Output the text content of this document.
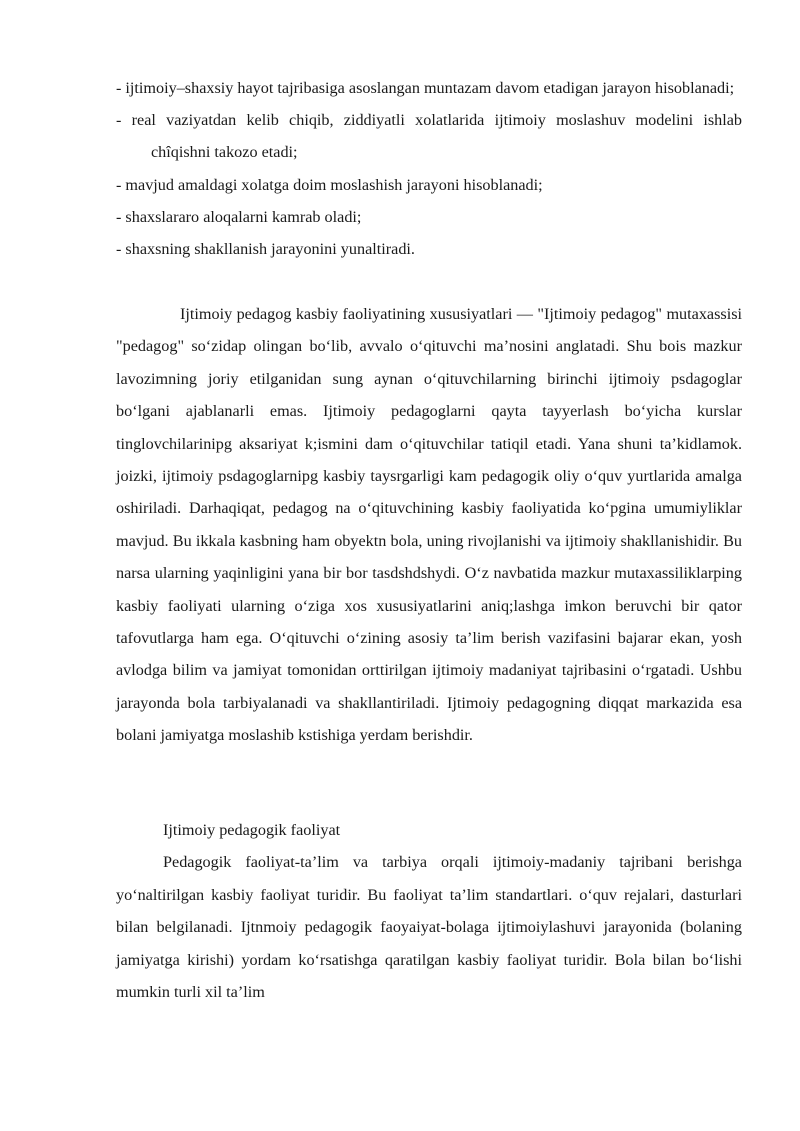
- ijtimoiy–shaxsiy hayot tajribasiga asoslangan muntazam davom etadigan jarayon hisoblanadi;
- real vaziyatdan kelib chiqib, ziddiyatli xolatlarida ijtimoiy moslashuv modelini ishlab chîqishni takozo etadi;
- mavjud amaldagi xolatga doim moslashish jarayoni hisoblanadi;
- shaxslararo aloqalarni kamrab oladi;
- shaxsning shakllanish jarayonini yunaltiradi.
Ijtimoiy pedagog kasbiy faoliyatining xususiyatlari — "Ijtimoiy pedagog" mutaxassisi "pedagog" so‘zidap olingan bo‘lib, avvalo o‘qituvchi ma’nosini anglatadi. Shu bois mazkur lavozimning joriy etilganidan sung aynan o‘qituvchilarning birinchi ijtimoiy psdagoglar bo‘lgani ajablanarli emas. Ijtimoiy pedagoglarni qayta tayyerlash bo‘yicha kurslar tinglovchilarinipg aksariyat k;ismini dam o‘qituvchilar tatiqil etadi. Yana shuni ta’kidlamok. joizki, ijtimoiy psdagoglarnipg kasbiy taysrgarligi kam pedagogik oliy o‘quv yurtlarida amalga oshiriladi. Darhaqiqat, pedagog na o‘qituvchining kasbiy faoliyatida ko‘pgina umumiyliklar mavjud. Bu ikkala kasbning ham obyektn bola, uning rivojlanishi va ijtimoiy shakllanishidir. Bu narsa ularning yaqinligini yana bir bor tasdshdshydi. O‘z navbatida mazkur mutaxassiliklarping kasbiy faoliyati ularning o‘ziga xos xususiyatlarini aniq;lashga imkon beruvchi bir qator tafovutlarga ham ega. O‘qituvchi o‘zining asosiy ta’lim berish vazifasini bajarar ekan, yosh avlodga bilim va jamiyat tomonidan orttirilgan ijtimoiy madaniyat tajribasini o‘rgatadi. Ushbu jarayonda bola tarbiyalanadi va shakllantiriladi. Ijtimoiy pedagogning diqqat markazida esa bolani jamiyatga moslashib kstishiga yerdam berishdir.
Ijtimoiy pedagogik faoliyat
Pedagogik faoliyat-ta’lim va tarbiya orqali ijtimoiy-madaniy tajribani berishga yo‘naltirilgan kasbiy faoliyat turidir. Bu faoliyat ta’lim standartlari. o‘quv rejalari, dasturlari bilan belgilanadi. Ijtnmoiy pedagogik faoyaiyat-bolaga ijtimoiylashuvi jarayonida (bolaning jamiyatga kirishi) yordam ko‘rsatishga qaratilgan kasbiy faoliyat turidir. Bola bilan bo‘lishi mumkin turli xil ta’lim
